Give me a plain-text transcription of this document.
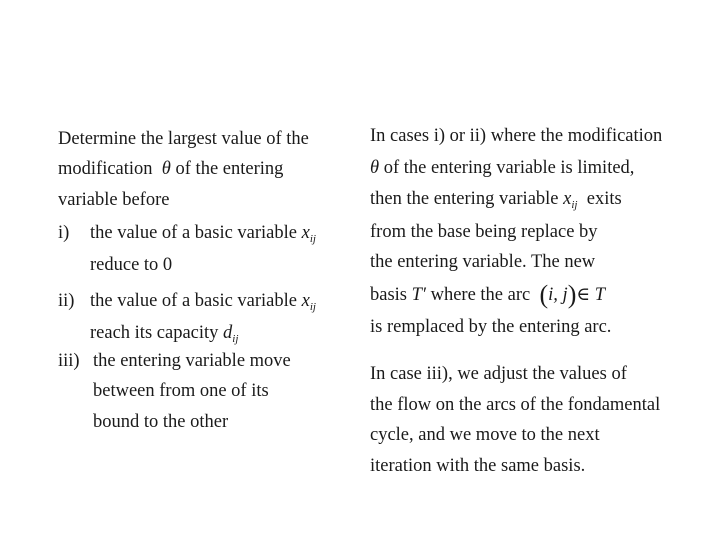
Determine the largest value of the
modification θ of the entering
variable before
i) the value of a basic variable $x_{ij}$
reduce to 0
ii) the value of a basic variable $x_{ij}$
reach its capacity $d_{ij}$
iii) the entering variable move
between from one of its
bound to the other
In cases i) or ii) where the modification
θ of the entering variable is limited,
then the entering variable $x_{ij}$ exits
from the base being replace by
the entering variable. The new
basis T′ where the arc (i, j)∈ T
is remplaced by the entering arc.
In case iii), we adjust the values of
the flow on the arcs of the fondamental
cycle, and we move to the next
iteration with the same basis.
